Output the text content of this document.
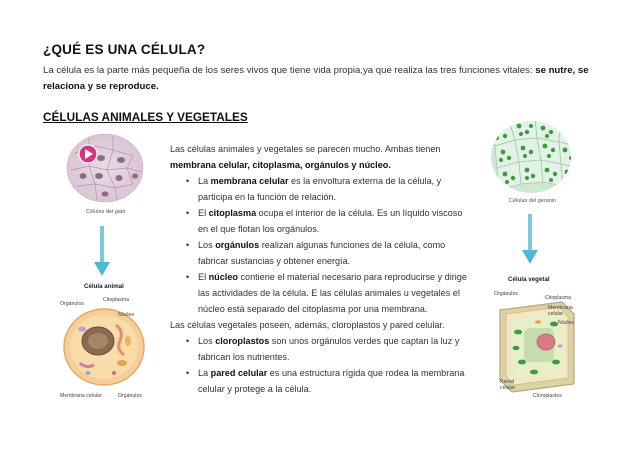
¿QUÉ ES UNA CÉLULA?
La célula es la parte más pequeña de los seres vivos que tiene vida propia,ya que realiza las tres funciones vitales: se nutre, se relaciona y se reproduce.
CÉLULAS ANIMALES Y VEGETALES

Las células animales y vegetales se parecen mucho. Ambas tienen membrana celular, citoplasma, orgánulos y núcleo.

• La membrana celular es la envoltura externa de la célula, y participa en la función de relación.
• El citoplasma ocupa el interior de la célula. Es un líquido viscoso en el que flotan los orgánulos.
• Los orgánulos realizan algunas funciones de la célula, como fabricar sustancias y obtener energía.
• El núcleo contiene el material necesario para reproducirse y dirige las actividades de la célula. E las células animales u vegetales el núcleo está separado del citoplasma por una membrana.

Las células vegetales poseen, además, cloroplastos y pared celular.

• Los cloroplastos son unos orgánulos verdes que captan la luz y fabrican los nutrientes.
• La pared celular es una estructura rígida que rodea la membrana celular y protege a la célula.
Células del gato
Célula animal
Orgánulos
Citoplasma
Núcleo
Membrana celular	Orgánulos
Células del geranio
Célula vegetal
Orgánulos
Citoplasma
Membrana celular
Núcleo
Pared celular
Cloroplastos
